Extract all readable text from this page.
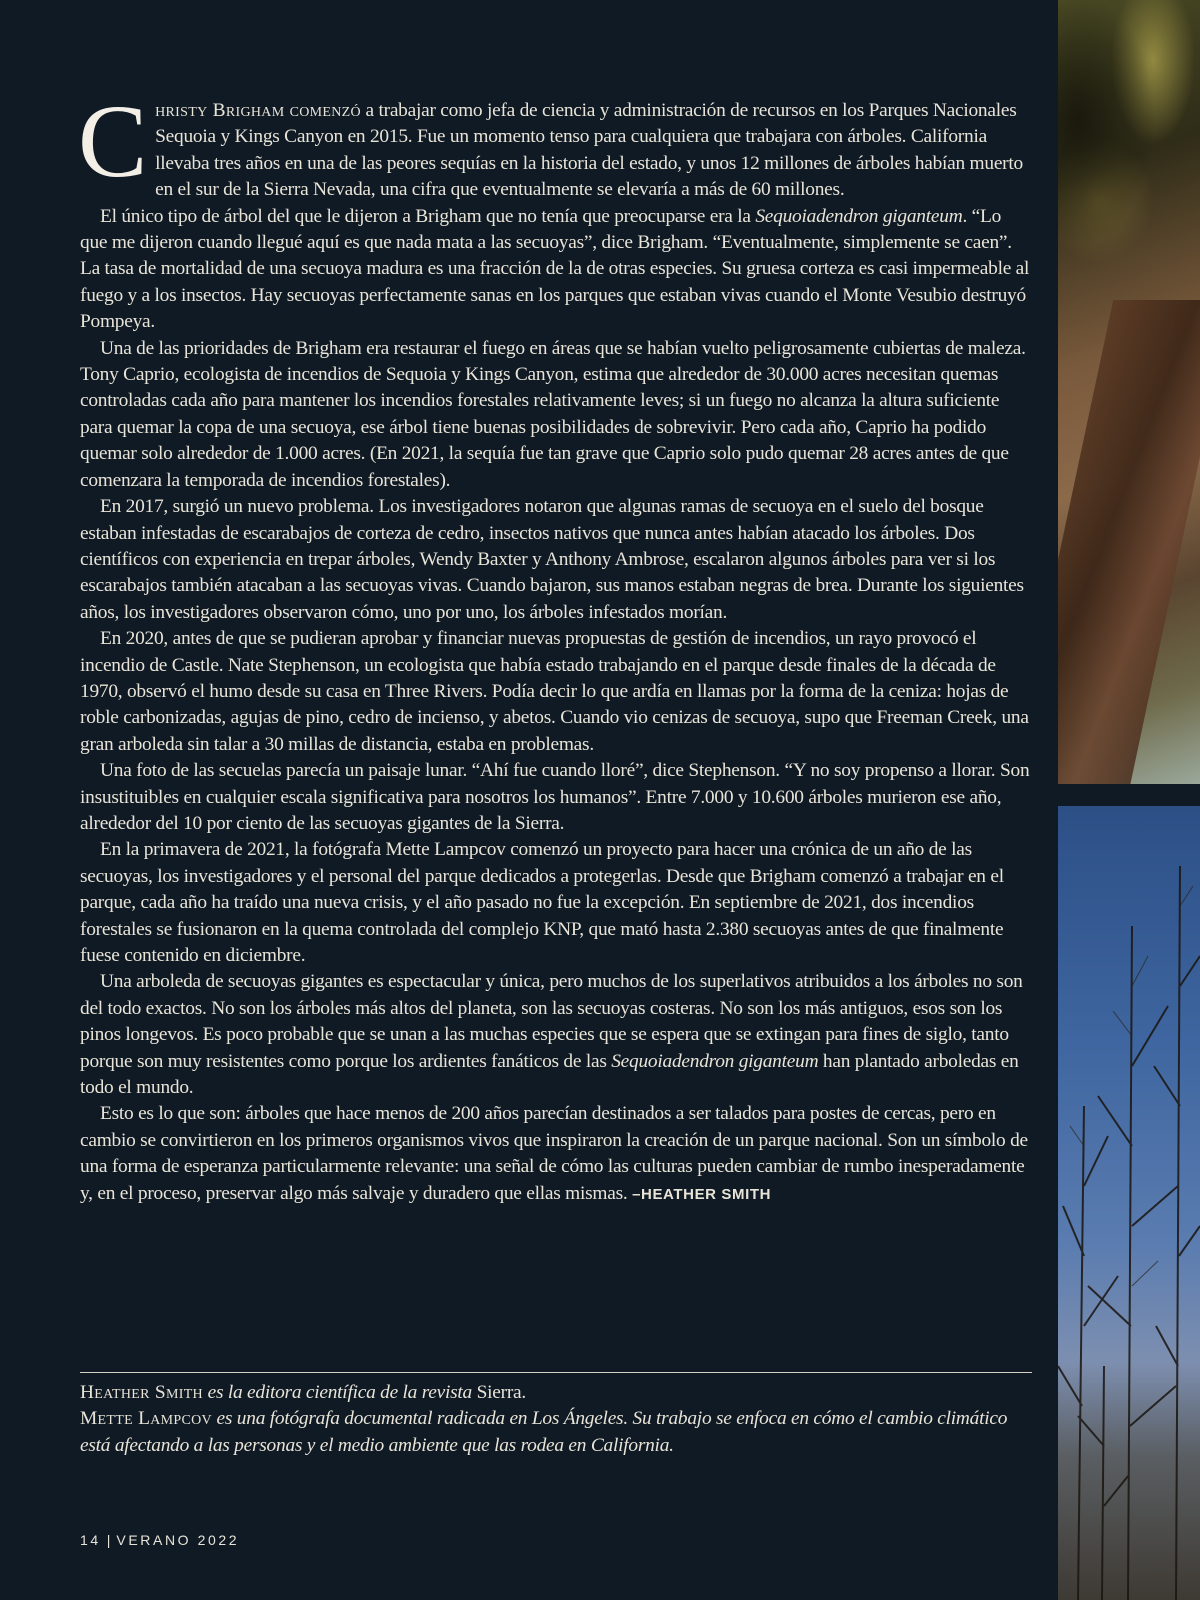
Christy Brigham comenzó a trabajar como jefa de ciencia y administración de recursos en los Parques Nacionales Sequoia y Kings Canyon en 2015. Fue un momento tenso para cualquiera que trabajara con árboles. California llevaba tres años en una de las peores sequías en la historia del estado, y unos 12 millones de árboles habían muerto en el sur de la Sierra Nevada, una cifra que eventualmente se elevaría a más de 60 millones.

El único tipo de árbol del que le dijeron a Brigham que no tenía que preocuparse era la Sequoiadendron giganteum. “Lo que me dijeron cuando llegué aquí es que nada mata a las secuoyas”, dice Brigham. “Eventualmente, simplemente se caen”. La tasa de mortalidad de una secuoya madura es una fracción de la de otras especies. Su gruesa corteza es casi impermeable al fuego y a los insectos. Hay secuoyas perfectamente sanas en los parques que estaban vivas cuando el Monte Vesubio destruyó Pompeya.

Una de las prioridades de Brigham era restaurar el fuego en áreas que se habían vuelto peligrosamente cubiertas de maleza. Tony Caprio, ecologista de incendios de Sequoia y Kings Canyon, estima que alrededor de 30.000 acres necesitan quemas controladas cada año para mantener los incendios forestales relativamente leves; si un fuego no alcanza la altura suficiente para quemar la copa de una secuoya, ese árbol tiene buenas posibilidades de sobrevivir. Pero cada año, Caprio ha podido quemar solo alrededor de 1.000 acres. (En 2021, la sequía fue tan grave que Caprio solo pudo quemar 28 acres antes de que comenzara la temporada de incendios forestales).

En 2017, surgió un nuevo problema. Los investigadores notaron que algunas ramas de secuoya en el suelo del bosque estaban infestadas de escarabajos de corteza de cedro, insectos nativos que nunca antes habían atacado los árboles. Dos científicos con experiencia en trepar árboles, Wendy Baxter y Anthony Ambrose, escalaron algunos árboles para ver si los escarabajos también atacaban a las secuoyas vivas. Cuando bajaron, sus manos estaban negras de brea. Durante los siguientes años, los investigadores observaron cómo, uno por uno, los árboles infestados morían.

En 2020, antes de que se pudieran aprobar y financiar nuevas propuestas de gestión de incendios, un rayo provocó el incendio de Castle. Nate Stephenson, un ecologista que había estado trabajando en el parque desde finales de la década de 1970, observó el humo desde su casa en Three Rivers. Podía decir lo que ardía en llamas por la forma de la ceniza: hojas de roble carbonizadas, agujas de pino, cedro de incienso, y abetos. Cuando vio cenizas de secuoya, supo que Freeman Creek, una gran arboleda sin talar a 30 millas de distancia, estaba en problemas.

Una foto de las secuelas parecía un paisaje lunar. “Ahí fue cuando lloré”, dice Stephenson. “Y no soy propenso a llorar. Son insustituibles en cualquier escala significativa para nosotros los humanos”. Entre 7.000 y 10.600 árboles murieron ese año, alrededor del 10 por ciento de las secuoyas gigantes de la Sierra.

En la primavera de 2021, la fotógrafa Mette Lampcov comenzó un proyecto para hacer una crónica de un año de las secuoyas, los investigadores y el personal del parque dedicados a protegerlas. Desde que Brigham comenzó a trabajar en el parque, cada año ha traído una nueva crisis, y el año pasado no fue la excepción. En septiembre de 2021, dos incendios forestales se fusionaron en la quema controlada del complejo KNP, que mató hasta 2.380 secuoyas antes de que finalmente fuese contenido en diciembre.

Una arboleda de secuoyas gigantes es espectacular y única, pero muchos de los superlativos atribuidos a los árboles no son del todo exactos. No son los árboles más altos del planeta, son las secuoyas costeras. No son los más antiguos, esos son los pinos longevos. Es poco probable que se unan a las muchas especies que se espera que se extingan para fines de siglo, tanto porque son muy resistentes como porque los ardientes fanáticos de las Sequoiadendron giganteum han plantado arboledas en todo el mundo.

Esto es lo que son: árboles que hace menos de 200 años parecían destinados a ser talados para postes de cercas, pero en cambio se convirtieron en los primeros organismos vivos que inspiraron la creación de un parque nacional. Son un símbolo de una forma de esperanza particularmente relevante: una señal de cómo las culturas pueden cambiar de rumbo inesperadamente y, en el proceso, preservar algo más salvaje y duradero que ellas mismas. –HEATHER SMITH

Heather Smith es la editora científica de la revista Sierra.

Mette Lampcov es una fotógrafa documental radicada en Los Ángeles. Su trabajo se enfoca en cómo el cambio climático está afectando a las personas y el medio ambiente que las rodea en California.

14 | VERANO 2022
